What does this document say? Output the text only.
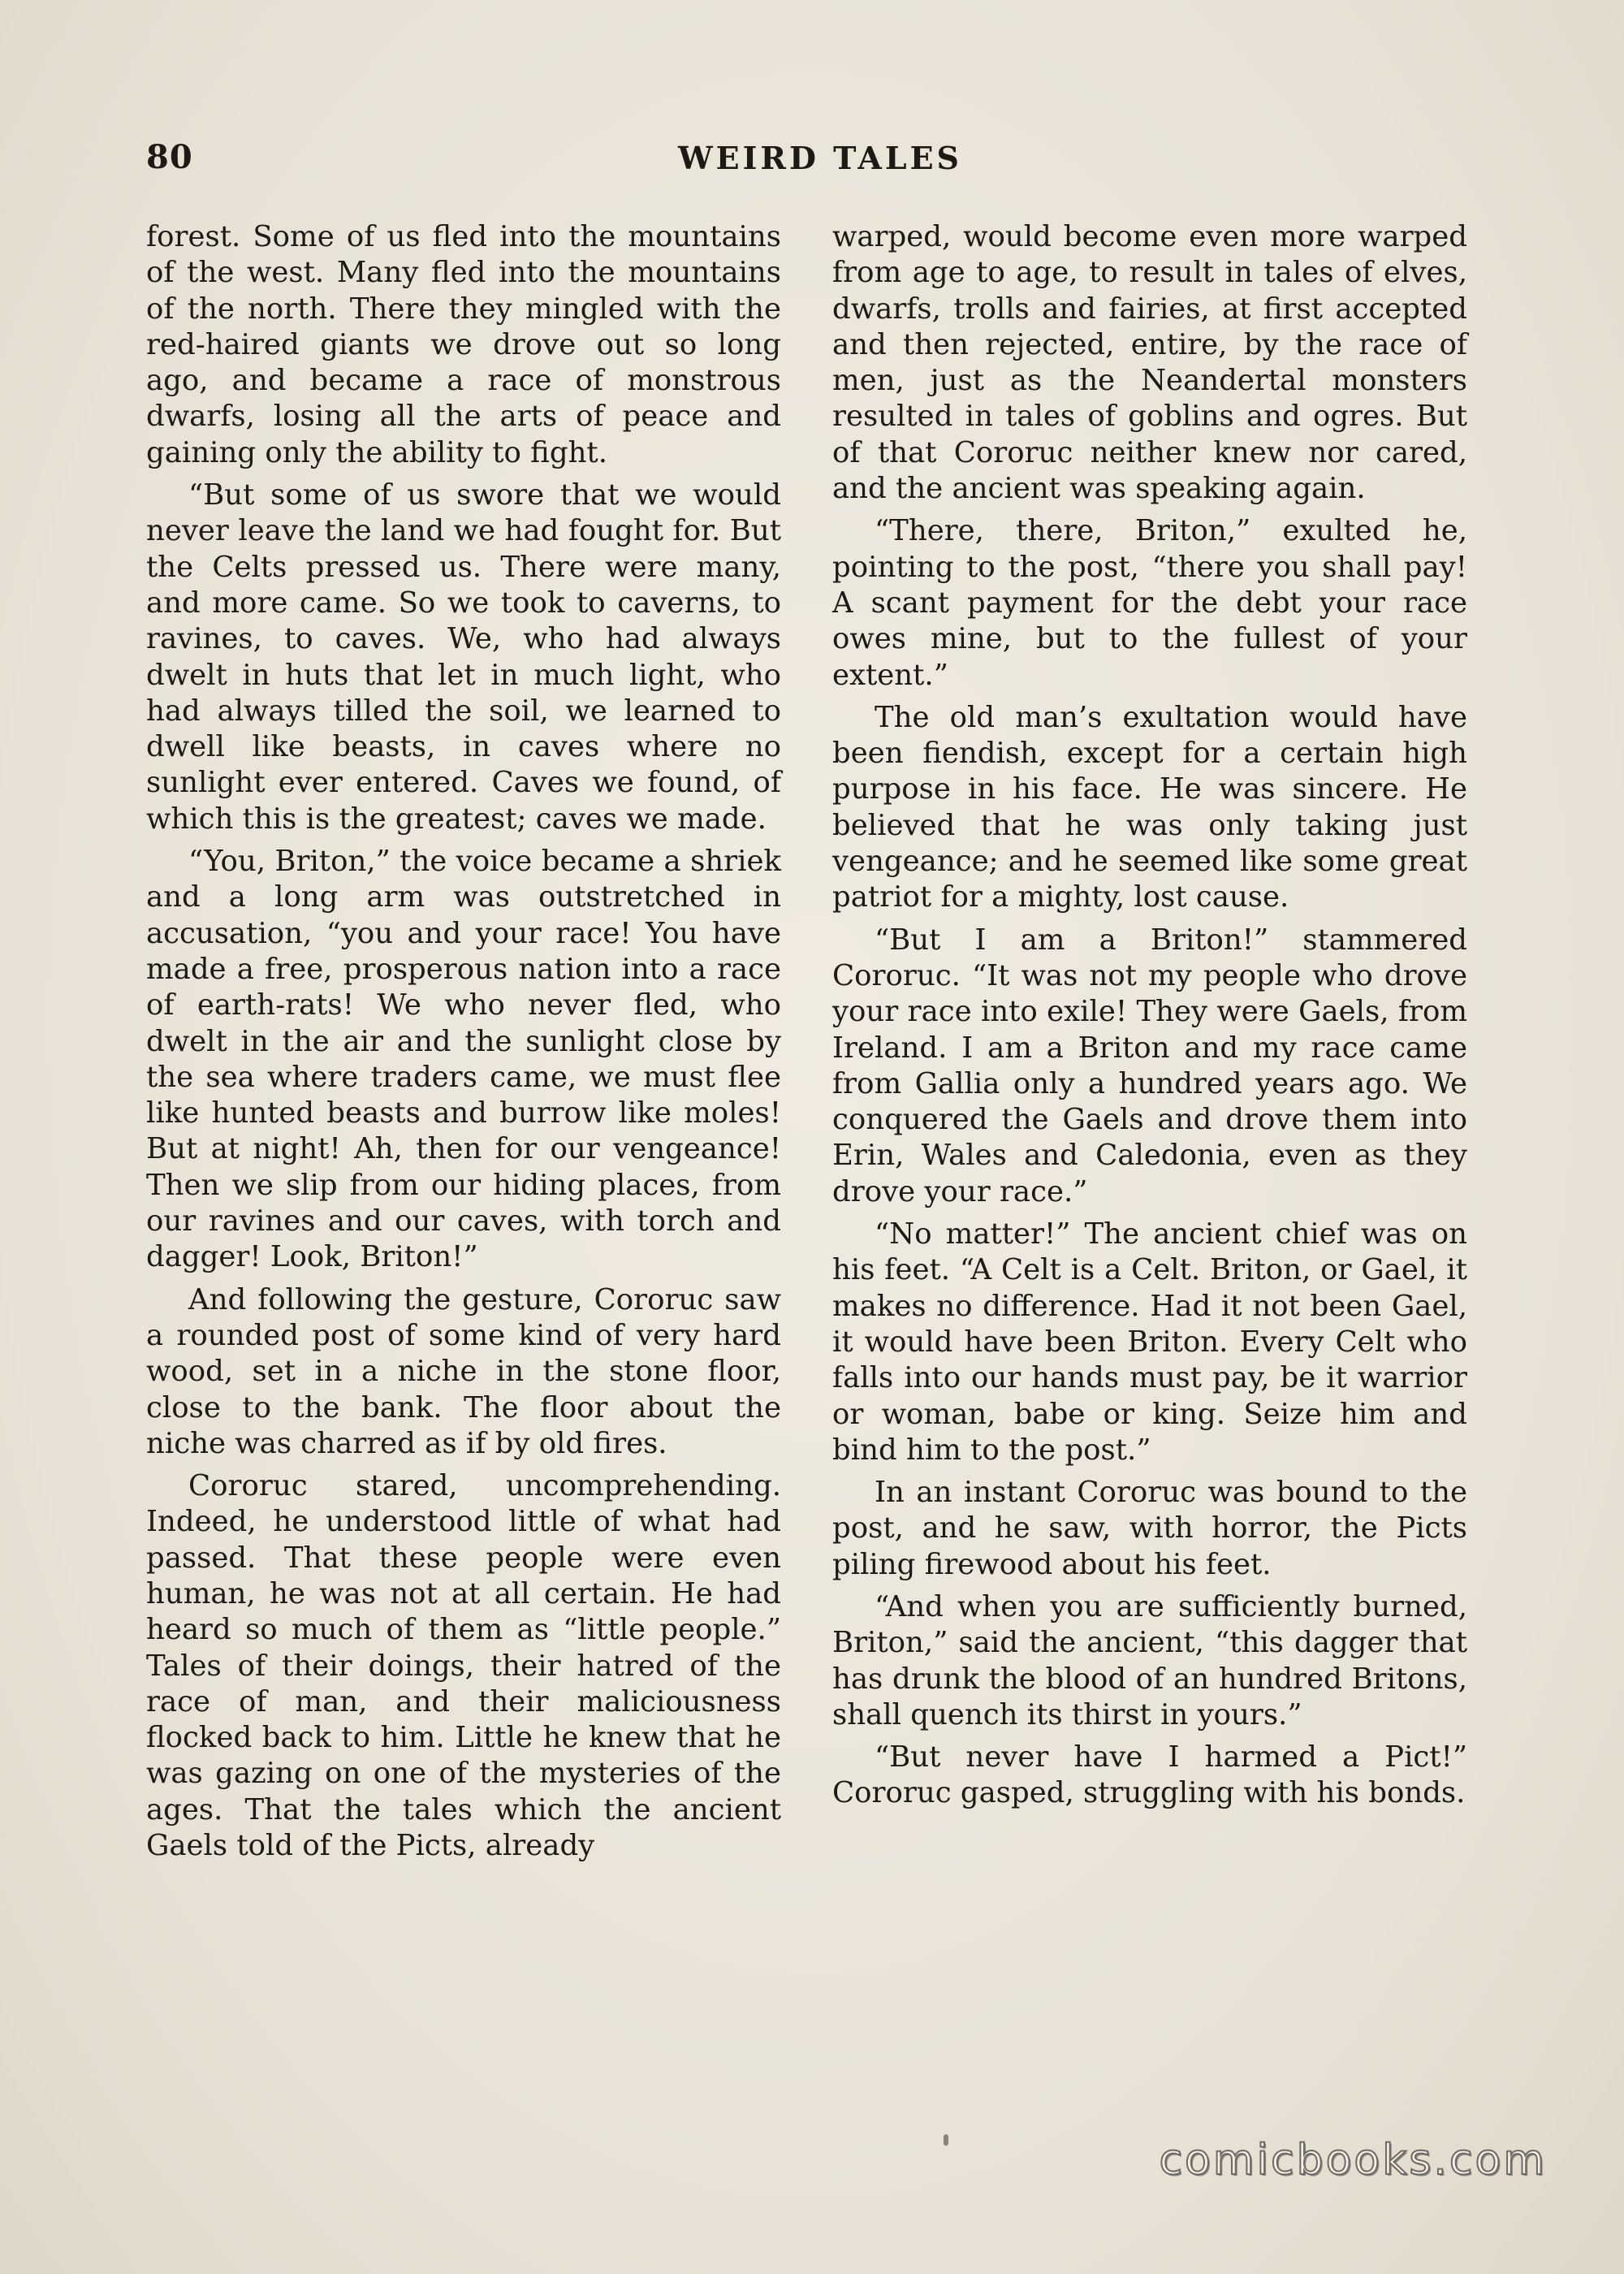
80	WEIRD TALES

forest. Some of us fled into the mountains of the west. Many fled into the mountains of the north. There they mingled with the red-haired giants we drove out so long ago, and became a race of monstrous dwarfs, losing all the arts of peace and gaining only the ability to fight.

“But some of us swore that we would never leave the land we had fought for. But the Celts pressed us. There were many, and more came. So we took to caverns, to ravines, to caves. We, who had always dwelt in huts that let in much light, who had always tilled the soil, we learned to dwell like beasts, in caves where no sunlight ever entered. Caves we found, of which this is the greatest; caves we made.

“You, Briton,” the voice became a shriek and a long arm was outstretched in accusation, “you and your race! You have made a free, prosperous nation into a race of earth-rats! We who never fled, who dwelt in the air and the sunlight close by the sea where traders came, we must flee like hunted beasts and burrow like moles! But at night! Ah, then for our vengeance! Then we slip from our hiding places, from our ravines and our caves, with torch and dagger! Look, Briton!”

And following the gesture, Cororuc saw a rounded post of some kind of very hard wood, set in a niche in the stone floor, close to the bank. The floor about the niche was charred as if by old fires.

Cororuc stared, uncomprehending. Indeed, he understood little of what had passed. That these people were even human, he was not at all certain. He had heard so much of them as “little people.” Tales of their doings, their hatred of the race of man, and their maliciousness flocked back to him. Little he knew that he was gazing on one of the mysteries of the ages. That the tales which the ancient Gaels told of the Picts, already

warped, would become even more warped from age to age, to result in tales of elves, dwarfs, trolls and fairies, at first accepted and then rejected, entire, by the race of men, just as the Neandertal monsters resulted in tales of goblins and ogres. But of that Cororuc neither knew nor cared, and the ancient was speaking again.

“There, there, Briton,” exulted he, pointing to the post, “there you shall pay! A scant payment for the debt your race owes mine, but to the fullest of your extent.”

The old man’s exultation would have been fiendish, except for a certain high purpose in his face. He was sincere. He believed that he was only taking just vengeance; and he seemed like some great patriot for a mighty, lost cause.

“But I am a Briton!” stammered Cororuc. “It was not my people who drove your race into exile! They were Gaels, from Ireland. I am a Briton and my race came from Gallia only a hundred years ago. We conquered the Gaels and drove them into Erin, Wales and Caledonia, even as they drove your race.”

“No matter!” The ancient chief was on his feet. “A Celt is a Celt. Briton, or Gael, it makes no difference. Had it not been Gael, it would have been Briton. Every Celt who falls into our hands must pay, be it warrior or woman, babe or king. Seize him and bind him to the post.”

In an instant Cororuc was bound to the post, and he saw, with horror, the Picts piling firewood about his feet.

“And when you are sufficiently burned, Briton,” said the ancient, “this dagger that has drunk the blood of an hundred Britons, shall quench its thirst in yours.”

“But never have I harmed a Pict!” Cororuc gasped, struggling with his bonds.

comicbooks.com
